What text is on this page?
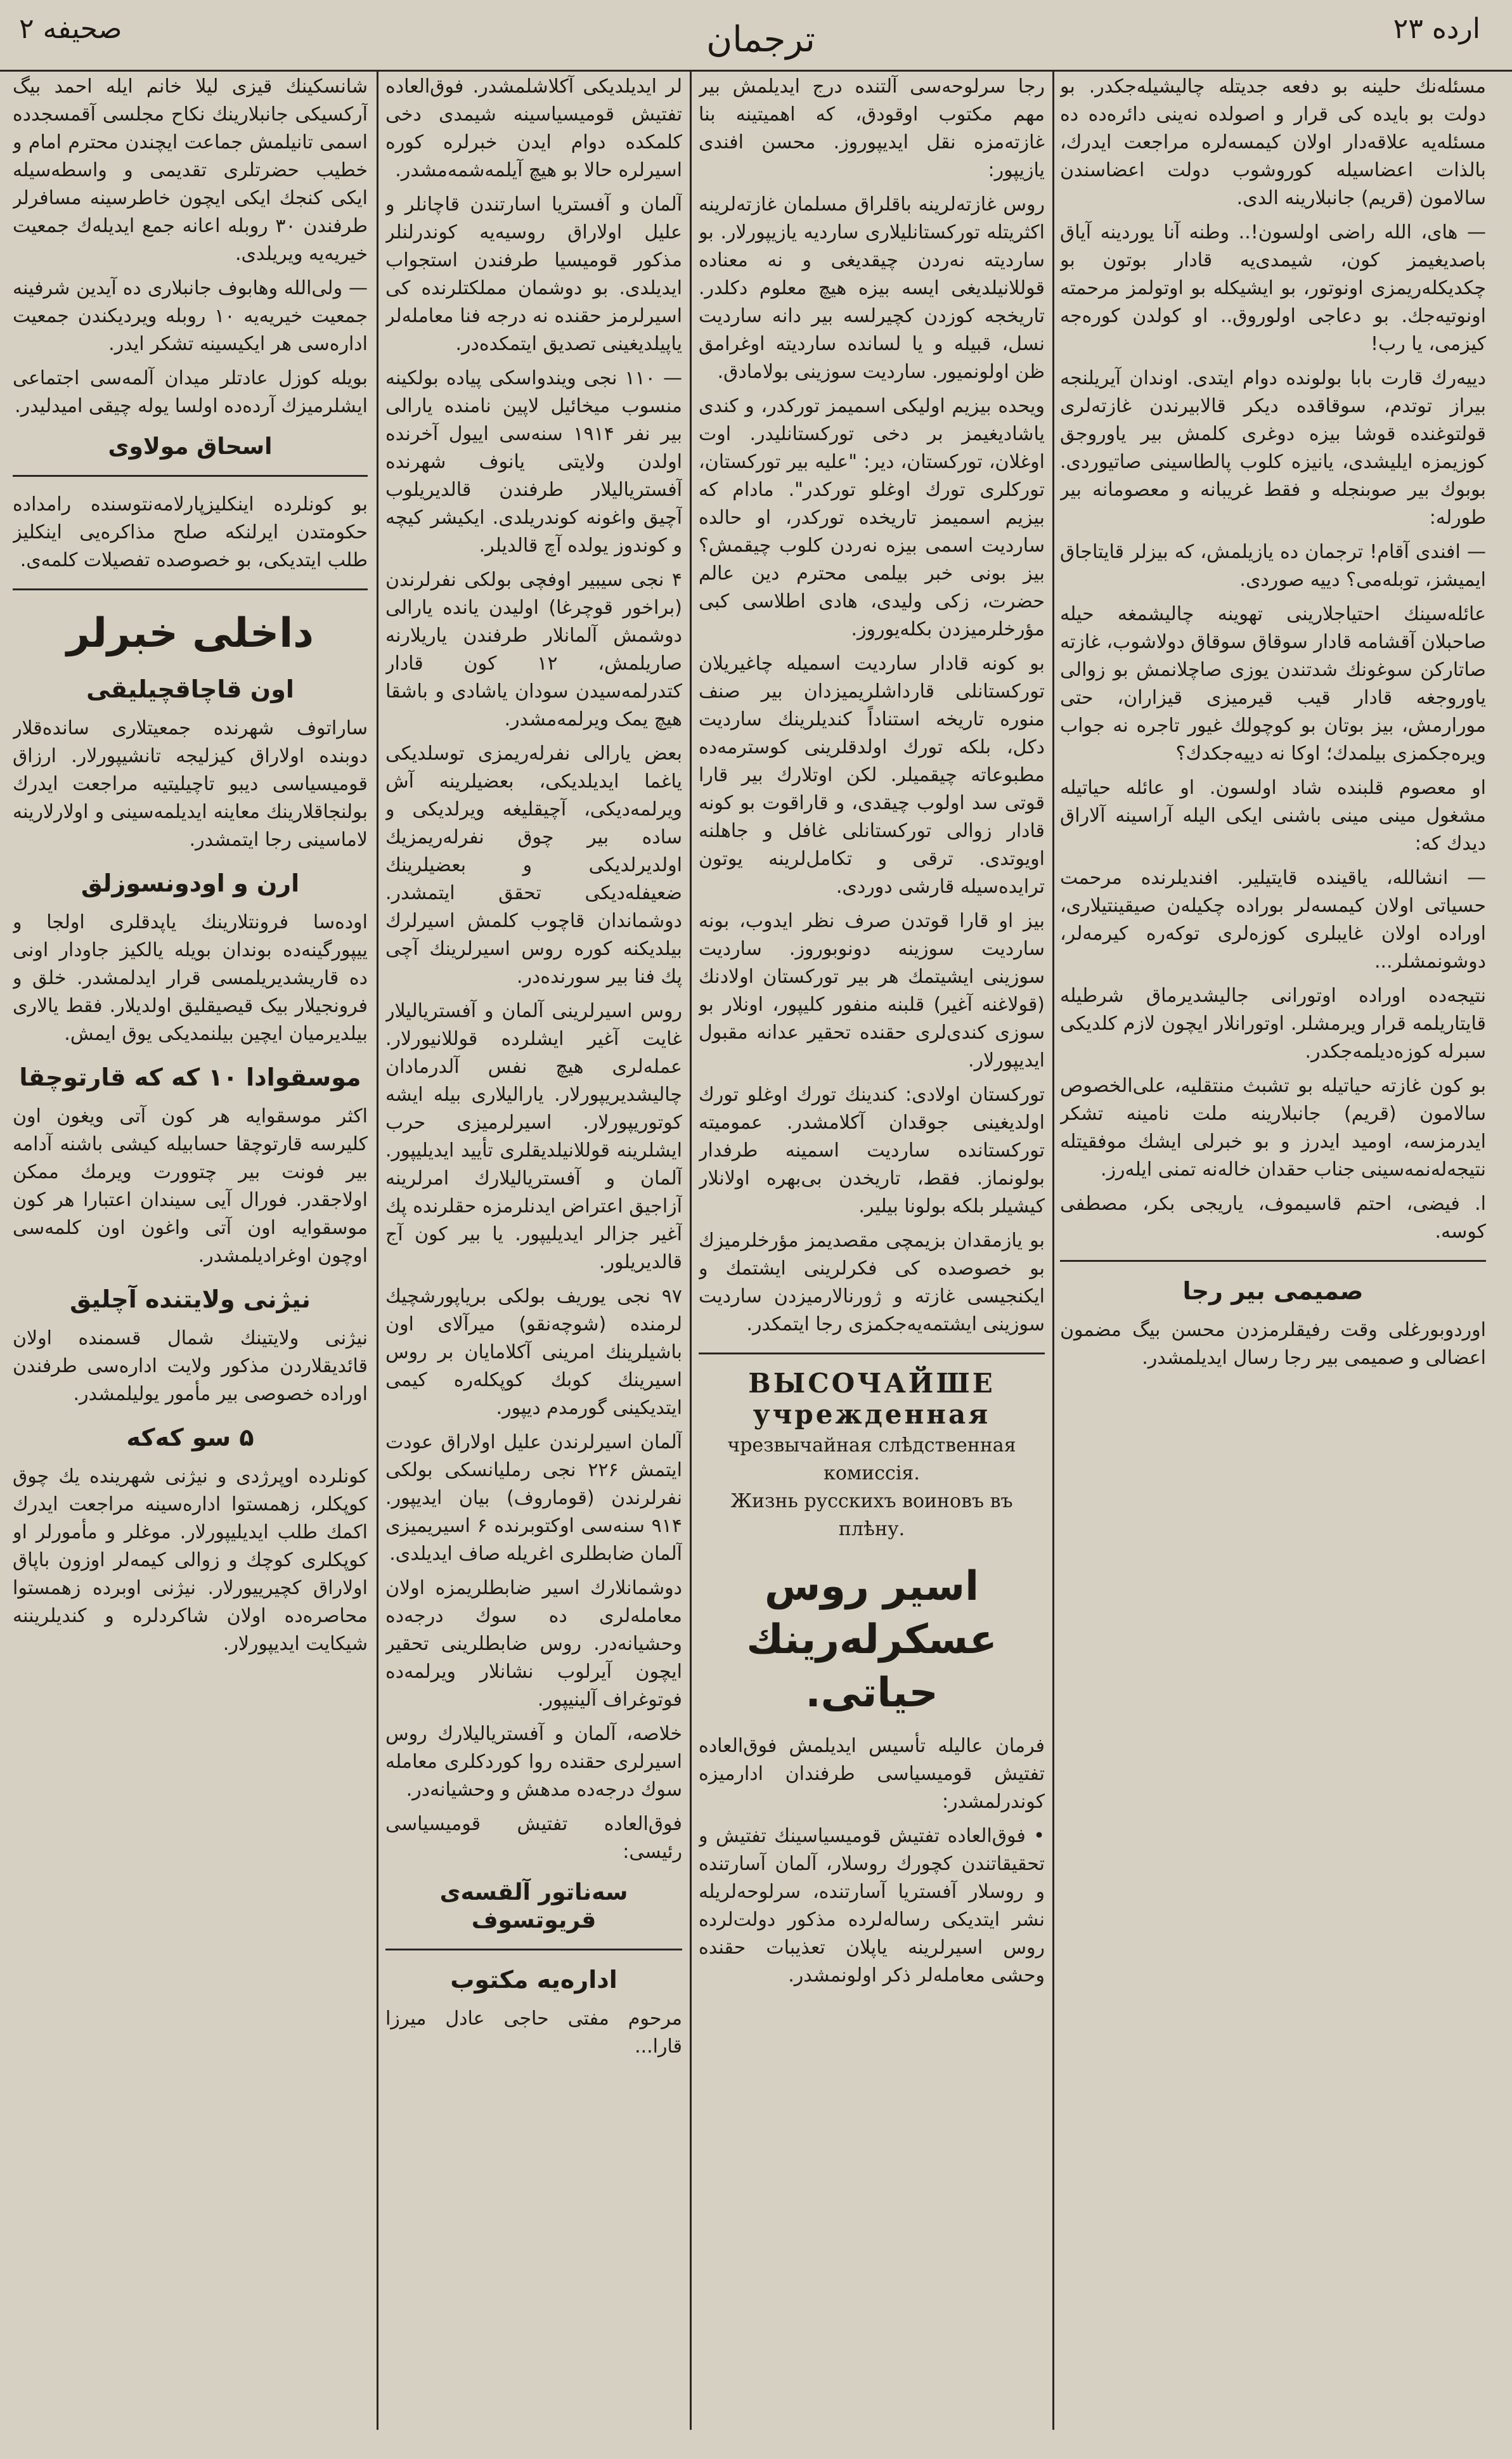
صحیفه ۲	ترجمان	ارده ۲۳

مسئله‌نك حلینه بو دفعه جدیتله چالیشیله‌جکدر. بو دولت بو بایده کی قرار و اصولده نه‌ینی دائره‌ده ده مسئله‌یه علاقه‌دار اولان کیمسه‌لره مراجعت ایدرك، بالذات اعضاسیله کوروشوب دولت اعضاسندن سالامون (قریم) جانبلارینه الدی.

— های، الله راضی اولسون!.. وطنه آنا یوردینه آیاق باصدیغیمز کون، شیمدی‌یه قادار بوتون بو چکدیکله‌ریمزی اونوتور، بو ایشیکله بو اوتولمز مرحمته اونوتیه‌جك. بو دعاجی اولوروق.. او کولدن کوره‌جه کیزمی، یا رب!

دییه‌رك قارت بابا بولونده دوام ایتدی. اوندان آیریلنجه بیراز توتدم، سوقاقده دیکر قالابیرندن غازته‌لری قولتوغنده قوشا بیزه دوغری کلمش بیر یاوروجق کوزیمزه ایلیشدی، یانیزه کلوب پالطاسینی صاتیوردی. بوبوك بیر صوبنجله و فقط غریبانه و معصومانه بیر طورله:

— افندی آقام! ترجمان ده یازیلمش، که بیزلر قایتاجاق ایمیشز، توبله‌می؟ دییه صوردی.

عائله‌سینك احتیاجلارینی تهوینه چالیشمغه حیله صاحبلان آقشامه قادار سوقاق سوقاق دولاشوب، غازته صاتارکن سوغونك شدتندن یوزی صاچلانمش بو زوالی یاوروجغه قادار قیب قیرمیزی قیزاران، حتی مورارمش، بیز بوتان بو کوچولك غیور تاجره نه جواب ویره‌جکمزی بیلمدك؛ اوكا نه دییه‌جکدك؟

او معصوم قلبنده شاد اولسون. او عائله حیاتیله مشغول مینی مینی باشنی ایکی الیله آراسینه آلاراق دیدك که:

— انشالله، یاقینده قایتیلیر. افندیلرنده مرحمت حسیاتی اولان کیمسه‌لر بوراده چکیله‌ن صیقینتیلاری، اوراده اولان غایبلری کوزه‌لری توکه‌ره کیرمه‌لر، دوشونمشلر...

نتیجه‌ده اوراده اوتورانی جالیشدیرماق شرطیله قایتاریلمه قرار ویرمشلر. اوتورانلار ایچون لازم کلدیکی سبرله کوزه‌دیلمه‌جکدر.

بو کون غازته حیاتیله بو تشبث منتقلیه، علی‌الخصوص سالامون (قریم) جانبلارینه ملت نامینه تشکر ایدرمزسه، اومید ایدرز و بو خبرلی ایشك موفقیتله نتیجه‌له‌نمه‌سینی جناب حقدان خاله‌نه تمنی ایله‌رز.

ا. فیضی، احتم قاسیموف، یاریجی بکر، مصطفی کوسه.

صمیمی بیر رجا

اوردوبورغلی وقت رفیقلرمزدن محسن بیگ مضمون اعضالی و صمیمی بیر رجا رسال ایدیلمشدر.

رجا سرلوحه‌سی آلتنده درج ایدیلمش بیر مهم مکتوب اوقودق، که اهمیتینه بنا غازته‌مزه نقل ایدیپوروز. محسن افندی یازیپور:

روس غازته‌لرینه باقلراق مسلمان غازته‌لرینه اکثریتله تورکستانلیلاری ساردیه یازیپورلار. بو ساردیته نه‌ردن چیقدیغی و نه معناده قوللانیلدیغی ایسه بیزه هیچ معلوم دکلدر. تاریخجه کوزدن کچیرلسه بیر دانه ساردیت نسل، قبیله و یا لسانده ساردیته اوغرامق ظن اولونمیور. ساردیت سوزینی بولامادق.

ویحده بیزیم اولیکی اسمیمز تورکدر، و کندی یاشادیغیمز بر دخی تورکستانلیدر. اوت اوغلان، تورکستان، دیر: "علیه بیر تورکستان، تورکلری تورك اوغلو تورکدر". مادام که بیزیم اسمیمز تاریخده تورکدر، او حالده ساردیت اسمی بیزه نه‌ردن کلوب چیقمش؟ بیز بونی خبر بیلمی محترم دین عالم حضرت، زکی ولیدی، هادی اطلاسی کبی مؤرخلرمیزدن بکله‌یوروز.

بو کونه قادار ساردیت اسمیله چاغیریلان تورکستانلی قارداشلریمیزدان بیر صنف منوره تاریخه استناداً کندیلرینك ساردیت دکل، بلکه تورك اولدقلرینی کوسترمه‌ده مطبوعاته چیقمیلر. لکن اوتلارك بیر قارا قوتی سد اولوب چیقدی، و قاراقوت بو کونه قادار زوالی تورکستانلی غافل و جاهلنه اویوتدی. ترقی و تکامل‌لرینه یوتون ترایده‌سیله قارشی دوردی.

بیز او قارا قوتدن صرف نظر ایدوب، بونه ساردیت سوزینه دونوبوروز. ساردیت سوزینی ایشیتمك هر بیر تورکستان اولادنك (قولاغنه آغیر) قلبنه منفور کلیپور، اونلار بو سوزی کندی‌لری حقنده تحقیر عدانه مقبول ایدیپورلار.

تورکستان اولادی: کندینك تورك اوغلو تورك اولدیغینی جوقدان آکلامشدر. عمومیته تورکستانده ساردیت اسمینه طرفدار بولونماز. فقط، تاریخدن بی‌بهره اولانلار کیشیلر بلکه بولونا بیلیر.

بو یازمقدان بزیمچی مقصدیمز مؤرخلرمیزك بو خصوصده کی فکرلرینی ایشتمك و ایکنجیسی غازته و ژورنالارمیزدن ساردیت سوزینی ایشتمه‌یه‌جکمزی رجا ایتمکدر.

ВЫСОЧАЙШЕ учрежденная
чрезвычайная слѣдственная комиссія.
Жизнь русскихъ воиновъ въ плѣну.
اسیر روس عسکرله‌رینك حیاتی.

فرمان عالیله تأسیس ایدیلمش فوق‌العاده تفتیش قومیسیاسی طرفندان ادارمیزه کوندرلمشدر:

• فوق‌العاده تفتیش قومیسیاسینك تفتیش و تحقیقاتندن کچورك روسلار، آلمان آسارتنده و روسلار آفستریا آسارتنده، سرلوحه‌لریله نشر ایتدیکی رساله‌لرده مذکور دولت‌لرده روس اسیرلرینه یاپلان تعذیبات حقنده وحشی معامله‌لر ذکر اولونمشدر.

لر ایدیلدیکی آکلاشلمشدر. فوق‌العاده تفتیش قومیسیاسینه شیمدی دخی کلمکده دوام ایدن خبرلره کوره اسیرلره حالا بو هیچ آیلمه‌شمه‌مشدر.

آلمان و آفستریا اسارتندن قاچانلر و علیل اولاراق روسیه‌یه کوندرلنلر مذکور قومیسیا طرفندن استجواب ایدیلدی. بو دوشمان مملکتلرنده کی اسیرلرمز حقنده نه درجه فنا معامله‌لر یاپیلدیغینی تصدیق ایتمکده‌در.

— ۱۱۰ نجی ویندواسکی پیاده بولکینه منسوب میخائیل لاپین نامنده یارالی بیر نفر ۱۹۱۴ سنه‌سی اییول آخرنده اولدن ولایتی یانوف شهرنده آفستریالیلار طرفندن قالدیریلوب آچیق واغونه کوندریلدی. ایکیشر کیچه و کوندوز یولده آچ قالدیلر.

۴ نجی سیبیر اوفچی بولکی نفرلرندن (براخور قوچرغا) اولیدن یانده یارالی دوشمش آلمانلار طرفندن یاریلارنه صاریلمش، ۱۲ کون قادار کتدرلمه‌سیدن سودان یاشادی و باشقا هیچ یمک ویرلمه‌مشدر.

بعض یارالی نفرله‌ریمزی توسلدیکی یاغما ایدیلدیکی، بعضیلرینه آش ویرلمه‌دیکی، آچیقلیغه ویرلدیکی و ساده بیر چوق نفرله‌ریمزیك اولدیرلدیکی و بعضیلرینك ضعیفله‌دیکی تحقق ایتمشدر. دوشماندان قاچوب کلمش اسیرلرك بیلدیکنه کوره روس اسیرلرینك آچی پك فنا بیر سورنده‌در.

روس اسیرلرینی آلمان و آفستریالیلار غایت آغیر ایشلرده قوللانیورلار. عمله‌لری هیچ نفس آلدرمادان چالیشدیریپورلار. یارالیلاری بیله ایشه کوتوریپورلار. اسیرلرمیزی حرب ایشلرینه قوللانیلدیقلری تأیید ایدیلیپور. آلمان و آفستریالیلارك امرلرینه آزاجیق اعتراض ایدنلرمزه حقلرنده پك آغیر جزالر ایدیلیپور. یا بیر کون آج قالدیریلور.

۹۷ نجی یوریف بولکی بریاپورشچیك لرمنده (شوچه‌نقو) میرآلای اون باشیلرینك امرینی آکلامایان بر روس اسیرینك کوبك کوپکله‌ره کیمی ایتدیکینی گورمدم دیپور.

آلمان اسیرلرندن علیل اولاراق عودت ایتمش ۲۲۶ نجی رملیانسکی بولکی نفرلرندن (قوماروف) بیان ایدیپور. ۹۱۴ سنه‌سی اوکتوبرنده ۶ اسیریمیزی آلمان ضابطلری اغریله صاف ایدیلدی.

دوشمانلارك اسیر ضابطلریمزه اولان معامله‌لری ده سوك درجه‌ده وحشیانه‌در. روس ضابطلرینی تحقیر ایچون آیرلوب نشانلار ویرلمه‌ده فوتوغراف آلینیپور.

خلاصه، آلمان و آفستریالیلارك روس اسیرلری حقنده روا کوردکلری معامله سوك درجه‌ده مدهش و وحشیانه‌در.

فوق‌العاده تفتیش قومیسیاسی رئیسی:

سه‌ناتور آلقسه‌ی قریوتسوف
اداره‌یه مکتوب

مرحوم مفتی حاجی عادل میرزا قارا...

شانسکینك قیزی لیلا خانم ایله احمد بیگ آرکسیکی جانبلارینك نکاح مجلسی آقمسجدده اسمی تانیلمش جماعت ایچندن محترم امام و خطیب حضرتلری تقدیمی و واسطه‌سیله ایکی کنجك ایکی ایچون خاطرسینه مسافرلر طرفندن ۳۰ روبله اعانه جمع ایدیله‌ك جمعیت خیریه‌یه ویریلدی.

— ولی‌الله وهابوف جانبلاری ده آیدین شرفینه جمعیت خیریه‌یه ۱۰ روبله ویردیکندن جمعیت اداره‌سی هر ایکیسینه تشکر ایدر.

بویله کوزل عادتلر میدان آلمه‌سی اجتماعی ایشلرمیزك آرده‌ده اولسا یوله چیقی امیدلیدر.

اسحاق مولاوی

بو کونلرده اینکلیزپارلامه‌نتوسنده رامداده حکومتدن ایرلنکه صلح مذاکره‌یی اینکلیز طلب ایتدیکی، بو خصوصده تفصیلات کلمه‌ی.

داخلی خبرلر
اون قاچاقچیلیقی

ساراتوف شهرنده جمعیتلاری سانده‌قلار دوبنده اولاراق کیزلیجه تانشیپورلار. ارزاق قومیسیاسی دیبو تاچیلیتیه مراجعت ایدرك بولنجاقلارینك معاینه ایدیلمه‌سینی و اولارلارینه لاما‌سینی رجا ایتمشدر.

ارن و اودونسوزلق

اوده‌سا فرونتلارینك یاپدقلری اولجا و ییپورگینه‌ده بوندان بویله یالکیز جاودار اونی ده قاریشدیریلمسی قرار ایدلمشدر. خلق و فرونجیلار بیک قیصیقلیق اولدیلار. فقط یالاری بیلدیرمیان ایچین بیلنمدیکی یوق ایمش.

موسقوادا ۱۰ که که قارتوچقا

اکثر موسقوایه هر کون آتی ویغون اون کلیرسه قارتوچقا حسابیله کیشی باشنه آدامه بیر فونت بیر چتوورت ویرمك ممکن اولاجقدر. فورال آیی سیندان اعتبارا هر کون موسقوایه اون آتی واغون اون کلمه‌سی اوچون اوغرادیلمشدر.

نیژنی ولایتنده آچلیق

نیژنی ولایتینك شمال قسمنده اولان قائدیقلاردن مذکور ولایت اداره‌سی طرفندن اوراده خصوصی بیر مأمور یولیلمشدر.

۵ سو که‌که

کونلرده اوپرژدی و نیژنی شهرینده یك چوق کوپکلر، زهمستوا اداره‌سینه مراجعت ایدرك اکمك طلب ایدیلیپورلار. موغلر و مأمورلر او کوپکلری کوچك و زوالی کیمه‌لر اوزون باپاق اولاراق کچیرییورلار. نیژنی اوبرده زهمستوا محاصره‌ده اولان شاکردلره و کندیلریننه شیکایت ایدیپورلار.
